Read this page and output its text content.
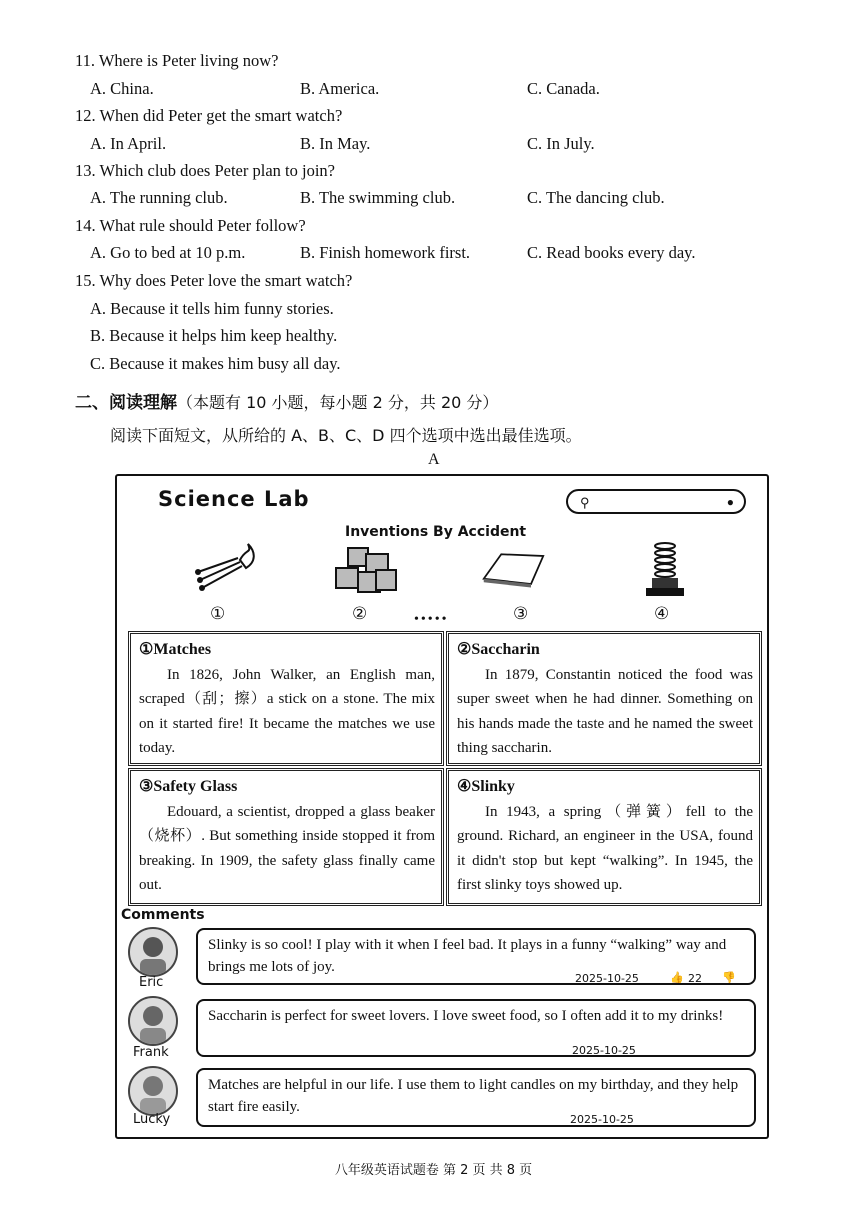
11. Where is Peter living now?
A. China.	B. America.	C. Canada.
12. When did Peter get the smart watch?
A. In April.	B. In May.	C. In July.
13. Which club does Peter plan to join?
A. The running club.	B. The swimming club.	C. The dancing club.
14. What rule should Peter follow?
A. Go to bed at 10 p.m.	B. Finish homework first.	C. Read books every day.
15. Why does Peter love the smart watch?
A. Because it tells him funny stories.
B. Because it helps him keep healthy.
C. Because it makes him busy all day.
二、阅读理解（本题有 10 小题，每小题 2 分，共 20 分）
阅读下面短文，从所给的 A、B、C、D 四个选项中选出最佳选项。
A
Science Lab	⚲	●
Inventions By Accident
①	②	③	④
•••••
①Matches
In 1826, John Walker, an English man, scraped（刮；擦）a stick on a stone. The mix on it started fire! It became the matches we use today.
②Saccharin
In 1879, Constantin noticed the food was super sweet when he had dinner. Something on his hands made the taste and he named the sweet thing saccharin.
③Safety Glass
Edouard, a scientist, dropped a glass beaker（烧杯）. But something inside stopped it from breaking. In 1909, the safety glass finally came out.
④Slinky
In 1943, a spring（弹簧）fell to the ground. Richard, an engineer in the USA, found it didn't stop but kept “walking”. In 1945, the first slinky toys showed up.
Comments
Eric
Slinky is so cool! I play with it when I feel bad. It plays in a funny “walking” way and brings me lots of joy.
2025-10-25	👍 22 👎
Frank
Saccharin is perfect for sweet lovers. I love sweet food, so I often add it to my drinks!
2025-10-25
Lucky
Matches are helpful in our life. I use them to light candles on my birthday, and they help start fire easily.
2025-10-25
八年级英语试题卷 第 2 页 共 8 页
